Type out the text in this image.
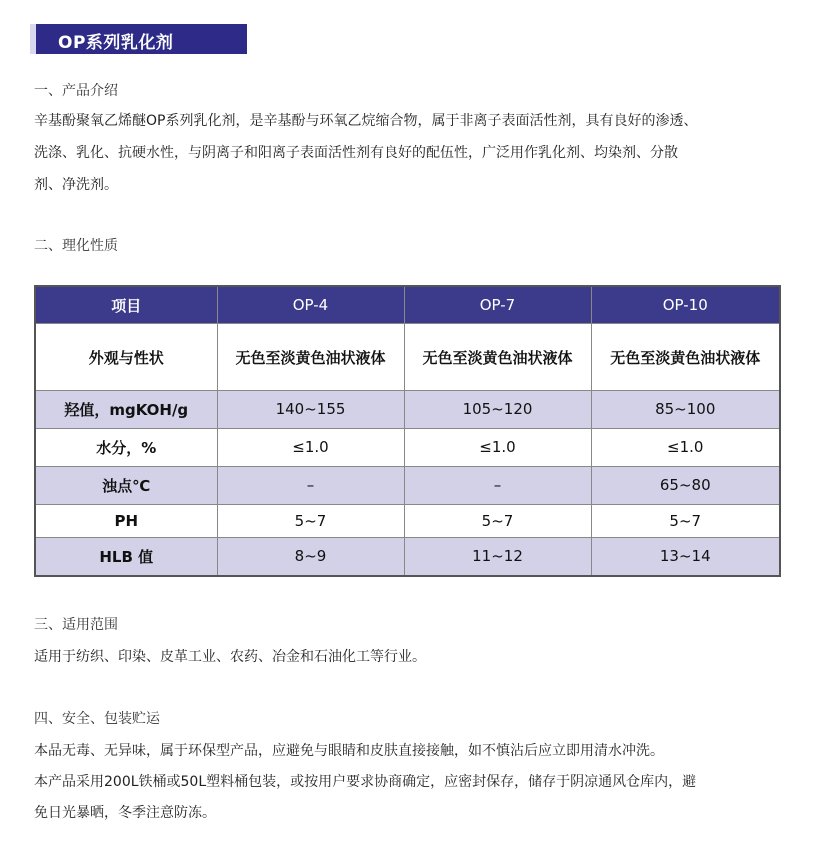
OP系列乳化剂
一、产品介绍
辛基酚聚氧乙烯醚OP系列乳化剂，是辛基酚与环氧乙烷缩合物，属于非离子表面活性剂，具有良好的渗透、
洗涤、乳化、抗硬水性，与阴离子和阳离子表面活性剂有良好的配伍性，广泛用作乳化剂、均染剂、分散
剂、净洗剂。
二、理化性质
项目	OP-4	OP-7	OP-10
外观与性状	无色至淡黄色油状液体	无色至淡黄色油状液体	无色至淡黄色油状液体
羟值，mgKOH/g	140~155	105~120	85~100
水分，%	≤1.0	≤1.0	≤1.0
浊点℃	–	–	65~80
PH	5~7	5~7	5~7
HLB 值	8~9	11~12	13~14
三、适用范围
适用于纺织、印染、皮革工业、农药、冶金和石油化工等行业。
四、安全、包装贮运
本品无毒、无异味，属于环保型产品，应避免与眼睛和皮肤直接接触，如不慎沾后应立即用清水冲洗。
本产品采用200L铁桶或50L塑料桶包装，或按用户要求协商确定，应密封保存，储存于阴凉通风仓库内，避
免日光暴晒，冬季注意防冻。
